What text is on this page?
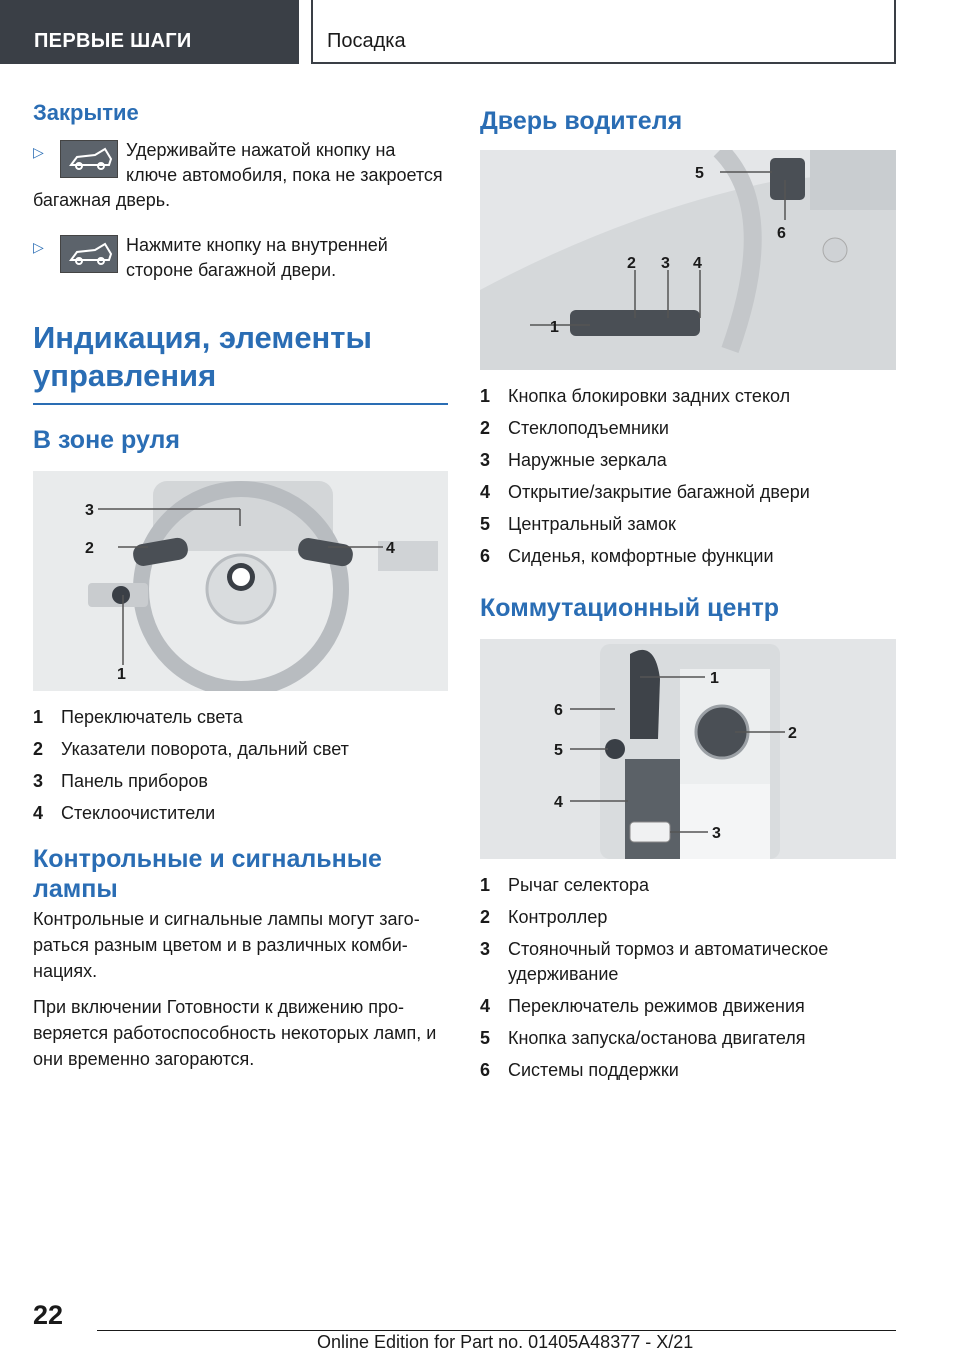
ПЕРВЫЕ ШАГИ	Посадка
Закрытие
▷	Удерживайте нажатой кнопку на ключе автомобиля, пока не закроется багажная дверь.

▷	Нажмите кнопку на внутренней стороне багажной двери.

Индикация, элементы управления
В зоне руля
1
2
3
4
1 Переключатель света
2 Указатели поворота, дальний свет
3 Панель приборов
4 Стеклоочистители
Контрольные и сигнальные лампы

Контрольные и сигнальные лампы могут загораться разным цветом и в различных комбинациях.

При включении Готовности к движению проверяется работоспособность некоторых ламп, и они временно загораются.

Дверь водителя
1
2 3 4
5
6
1 Кнопка блокировки задних стекол
2 Стеклоподъемники
3 Наружные зеркала
4 Открытие/закрытие багажной двери
5 Центральный замок
6 Сиденья, комфортные функции
Коммутационный центр
1
2
3
4
5
6
1 Рычаг селектора
2 Контроллер
3 Стояночный тормоз и автоматическое удерживание
4 Переключатель режимов движения
5 Кнопка запуска/останова двигателя
6 Системы поддержки
22
Online Edition for Part no. 01405A48377 - X/21
